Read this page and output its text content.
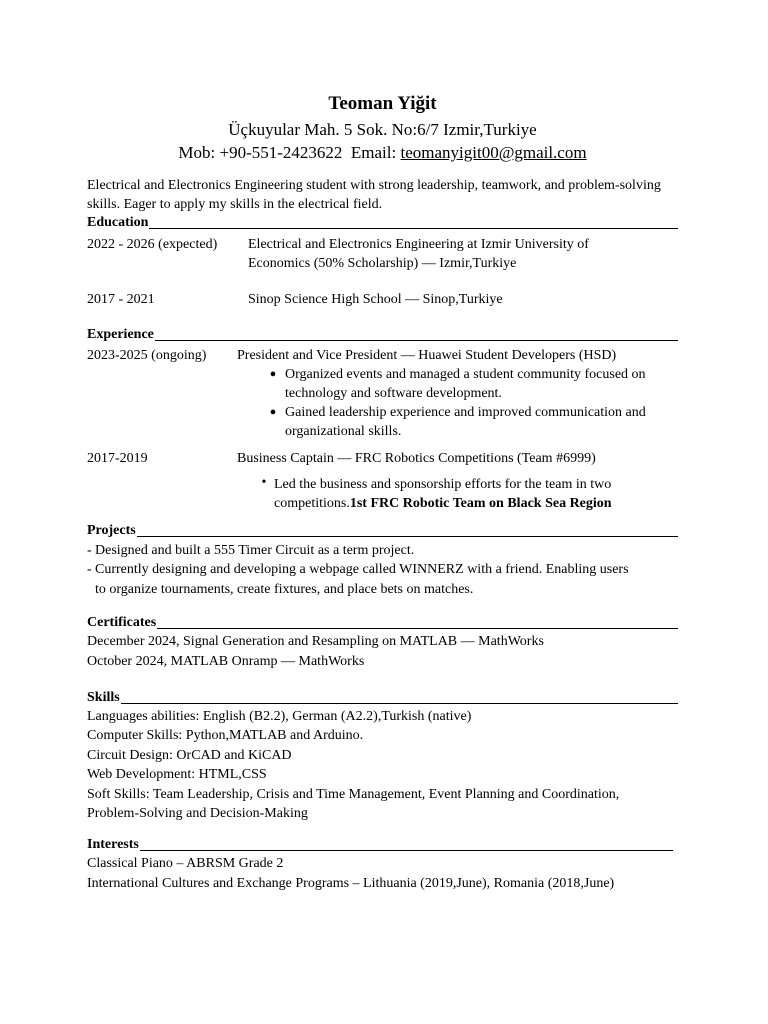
Teoman Yiğit
Üçkuyular Mah. 5 Sok. No:6/7 Izmir,Turkiye
Mob: +90-551-2423622  Email: teomanyigit00@gmail.com
Electrical and Electronics Engineering student with strong leadership, teamwork, and problem-solving skills. Eager to apply my skills in the electrical field.
Education
2022 - 2026 (expected)	Electrical and Electronics Engineering at Izmir University of
Economics (50% Scholarship) — Izmir,Turkiye
2017 - 2021	Sinop Science High School — Sinop,Turkiye
Experience
2023-2025 (ongoing)	President and Vice President — Huawei Student Developers (HSD)
● Organized events and managed a student community focused on
technology and software development.
● Gained leadership experience and improved communication and
organizational skills.
2017-2019	Business Captain — FRC Robotics Competitions (Team #6999)
• Led the business and sponsorship efforts for the team in two
competitions.1st FRC Robotic Team on Black Sea Region
Projects
- Designed and built a 555 Timer Circuit as a term project.
- Currently designing and developing a webpage called WINNERZ with a friend. Enabling users
to organize tournaments, create fixtures, and place bets on matches.
Certificates
December 2024, Signal Generation and Resampling on MATLAB — MathWorks
October 2024, MATLAB Onramp — MathWorks
Skills
Languages abilities: English (B2.2), German (A2.2),Turkish (native)
Computer Skills: Python,MATLAB and Arduino.
Circuit Design: OrCAD and KiCAD
Web Development: HTML,CSS
Soft Skills: Team Leadership, Crisis and Time Management, Event Planning and Coordination,
Problem-Solving and Decision-Making
Interests
Classical Piano – ABRSM Grade 2
International Cultures and Exchange Programs – Lithuania (2019,June), Romania (2018,June)
